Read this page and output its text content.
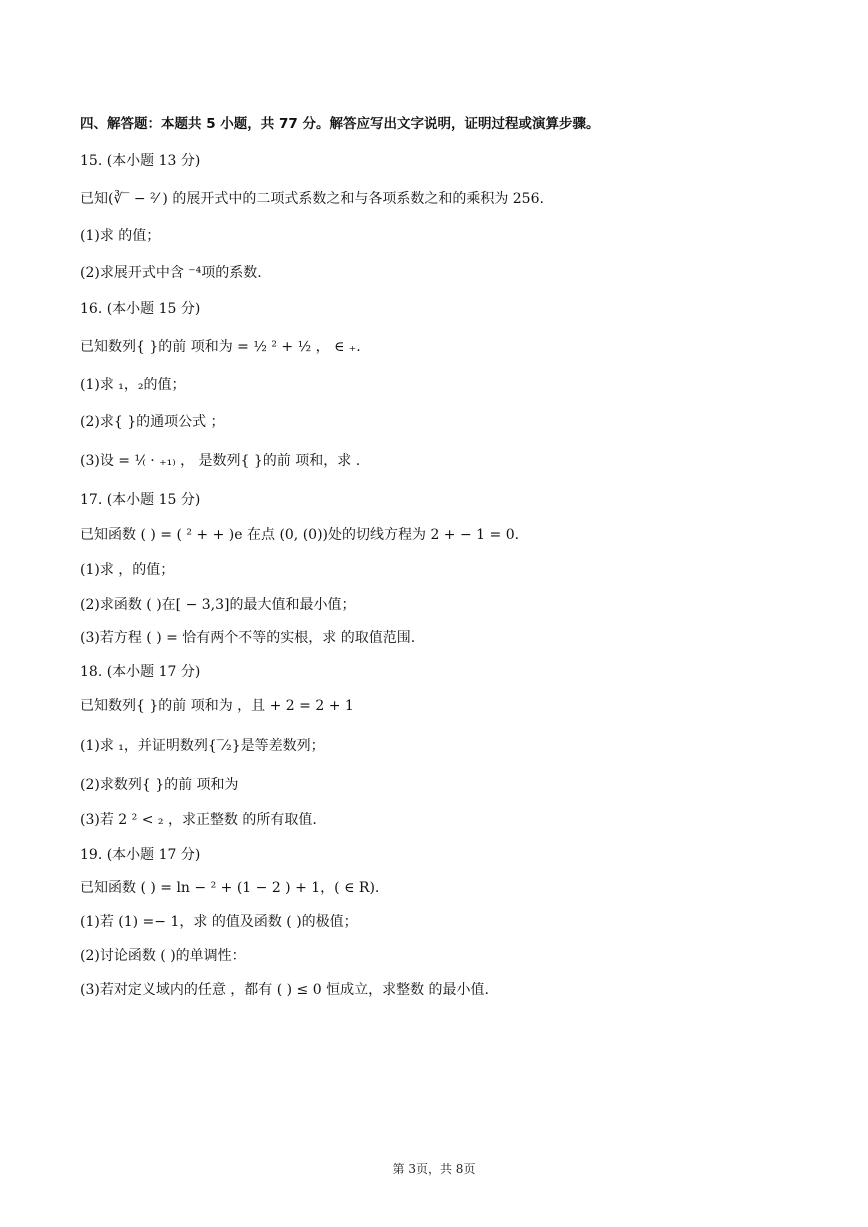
四、解答题：本题共 5 小题，共 77 分。解答应写出文字说明，证明过程或演算步骤。
15. (本小题 13 分)
已知(∛‾ − ²⁄ ) 的展开式中的二项式系数之和与各项系数之和的乘积为 256.
(1)求 的值；
(2)求展开式中含 ⁻⁴项的系数.
16. (本小题 15 分)
已知数列{ }的前 项和为 = ½ ² + ½ ， ∈ ₊.
(1)求 ₁，₂的值；
(2)求{ }的通项公式 ；
(3)设 = ¹⁄₍ · ₊₁₎ ， 是数列{ }的前 项和，求 .
17. (本小题 15 分)
已知函数 ( ) = ( ² + + )e 在点 (0, (0))处的切线方程为 2 + − 1 = 0.
(1)求 ，的值；
(2)求函数 ( )在[ − 3,3]的最大值和最小值；
(3)若方程 ( ) = 恰有两个不等的实根，求 的取值范围.
18. (本小题 17 分)
已知数列{ }的前 项和为 ，且 + 2 = 2 + 1
(1)求 ₁，并证明数列{‾⁄₂}是等差数列；
(2)求数列{ }的前 项和为
(3)若 2 ² < ₂ ，求正整数 的所有取值.
19. (本小题 17 分)
已知函数 ( ) = ln − ² + (1 − 2 ) + 1，( ∈ R).
(1)若 (1) =− 1，求 的值及函数 ( )的极值；
(2)讨论函数 ( )的单调性：
(3)若对定义域内的任意 ，都有 ( ) ≤ 0 恒成立，求整数 的最小值.
第 3页，共 8页
